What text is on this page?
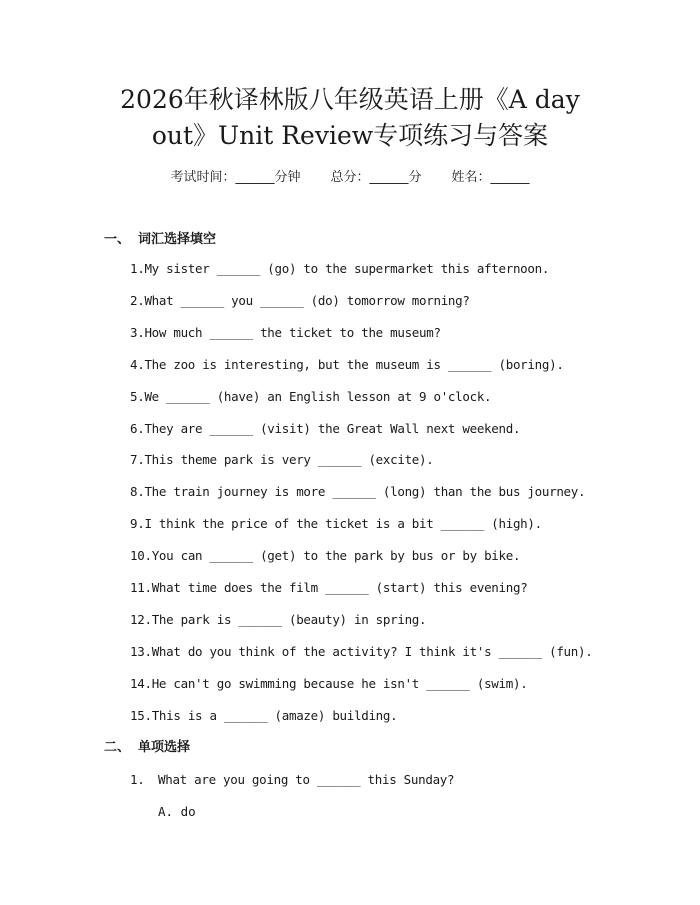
2026年秋译林版八年级英语上册《A day
out》Unit Review专项练习与答案
考试时间：______分钟 总分：______分 姓名：______
一、 词汇选择填空
1.My sister ______ (go) to the supermarket this afternoon.
2.What ______ you ______ (do) tomorrow morning?
3.How much ______ the ticket to the museum?
4.The zoo is interesting, but the museum is ______ (boring).
5.We ______ (have) an English lesson at 9 o'clock.
6.They are ______ (visit) the Great Wall next weekend.
7.This theme park is very ______ (excite).
8.The train journey is more ______ (long) than the bus journey.
9.I think the price of the ticket is a bit ______ (high).
10.You can ______ (get) to the park by bus or by bike.
11.What time does the film ______ (start) this evening?
12.The park is ______ (beauty) in spring.
13.What do you think of the activity? I think it's ______ (fun).
14.He can't go swimming because he isn't ______ (swim).
15.This is a ______ (amaze) building.
二、 单项选择
1. What are you going to ______ this Sunday?
A. do
